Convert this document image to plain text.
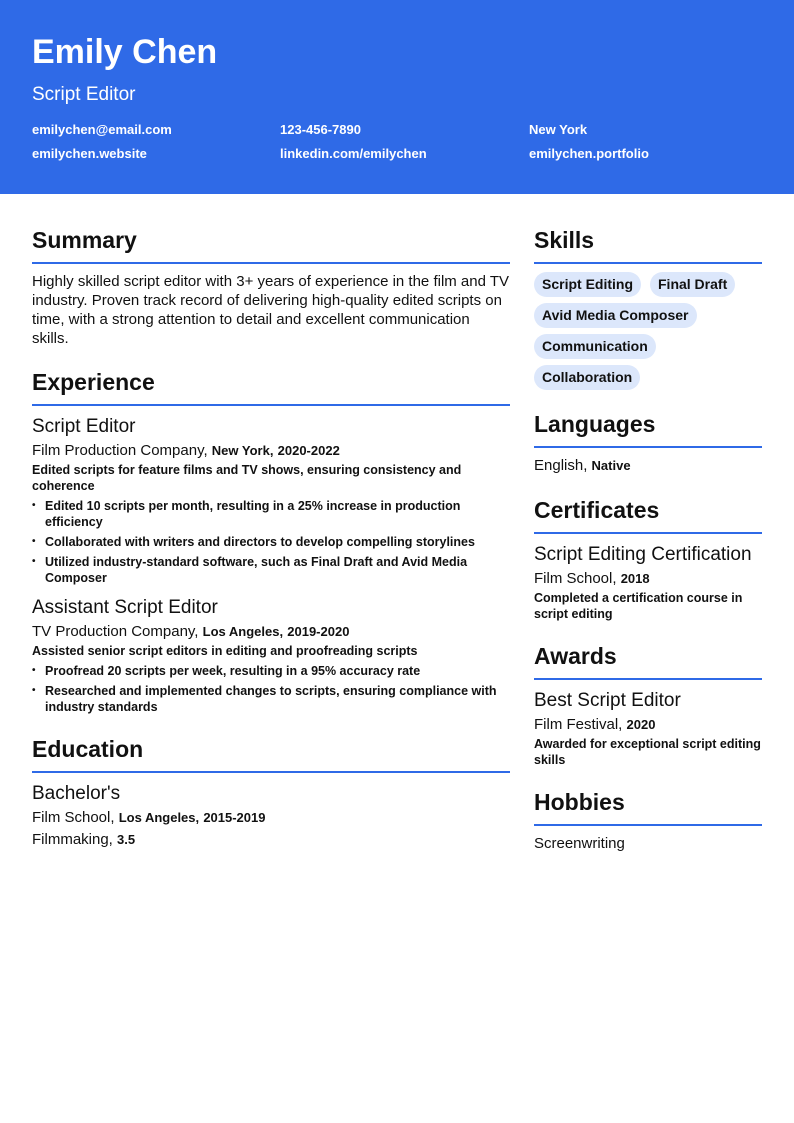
Emily Chen
Script Editor
emilychen@email.com	123-456-7890	New York
emilychen.website	linkedin.com/emilychen	emilychen.portfolio
Summary
Highly skilled script editor with 3+ years of experience in the film and TV industry. Proven track record of delivering high-quality edited scripts on time, with a strong attention to detail and excellent communication skills.
Experience
Script Editor
Film Production Company, New York, 2020-2022
Edited scripts for feature films and TV shows, ensuring consistency and coherence
• Edited 10 scripts per month, resulting in a 25% increase in production efficiency
• Collaborated with writers and directors to develop compelling storylines
• Utilized industry-standard software, such as Final Draft and Avid Media Composer
Assistant Script Editor
TV Production Company, Los Angeles, 2019-2020
Assisted senior script editors in editing and proofreading scripts
• Proofread 20 scripts per week, resulting in a 95% accuracy rate
• Researched and implemented changes to scripts, ensuring compliance with industry standards
Education
Bachelor's
Film School, Los Angeles, 2015-2019
Filmmaking, 3.5
Skills
Script Editing	Final Draft
Avid Media Composer
Communication
Collaboration
Languages
English, Native
Certificates
Script Editing Certification
Film School, 2018
Completed a certification course in script editing
Awards
Best Script Editor
Film Festival, 2020
Awarded for exceptional script editing skills
Hobbies
Screenwriting
